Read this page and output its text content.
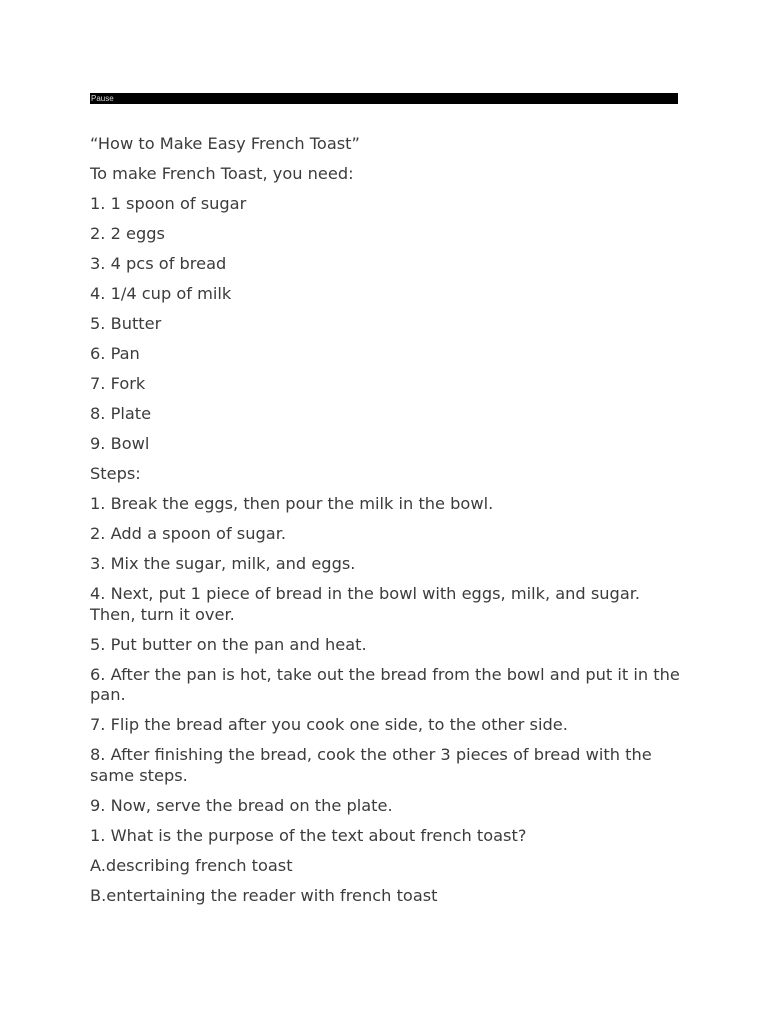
Pause
“How to Make Easy French Toast”
To make French Toast, you need:
1. 1 spoon of sugar
2. 2 eggs
3. 4 pcs of bread
4. 1/4 cup of milk
5. Butter
6. Pan
7. Fork
8. Plate
9. Bowl
Steps:
1. Break the eggs, then pour the milk in the bowl.
2. Add a spoon of sugar.
3. Mix the sugar, milk, and eggs.
4. Next, put 1 piece of bread in the bowl with eggs, milk, and sugar. Then, turn it over.
5. Put butter on the pan and heat.
6. After the pan is hot, take out the bread from the bowl and put it in the pan.
7. Flip the bread after you cook one side, to the other side.
8. After finishing the bread, cook the other 3 pieces of bread with the same steps.
9. Now, serve the bread on the plate.
1. What is the purpose of the text about french toast?
A.describing french toast
B.entertaining the reader with french toast
